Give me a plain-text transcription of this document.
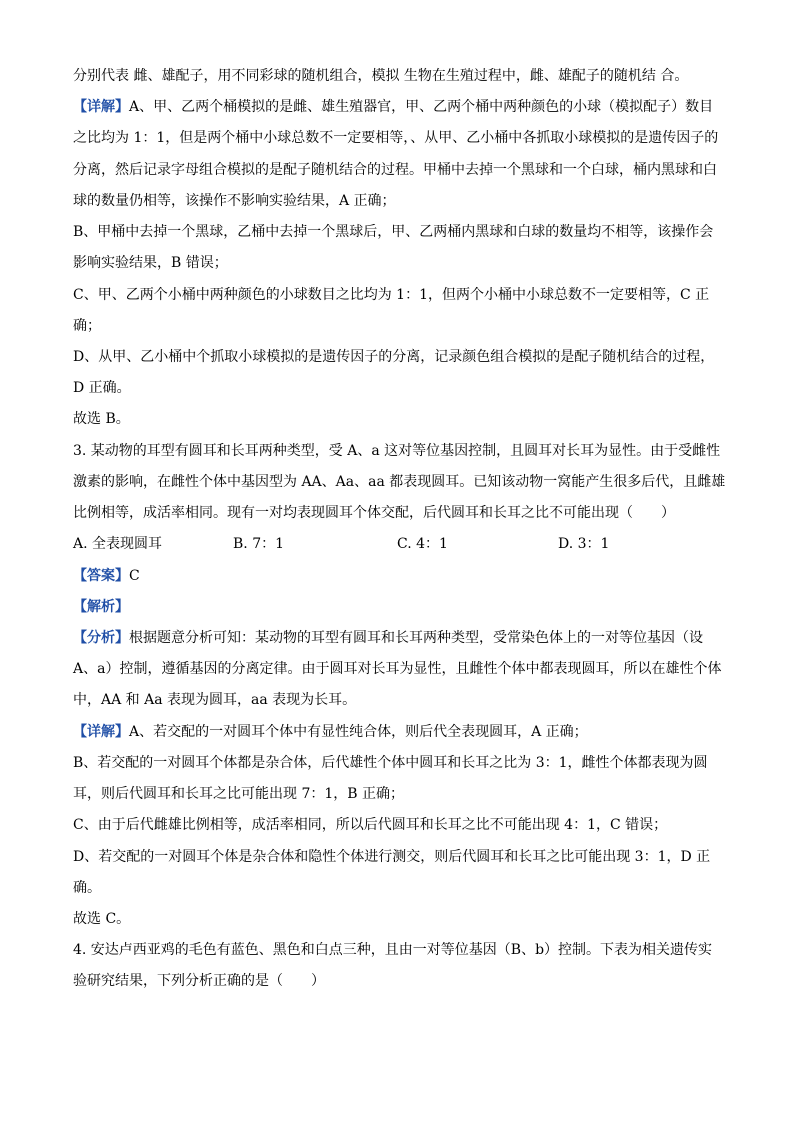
分别代表 雌、雄配子，用不同彩球的随机组合，模拟 生物在生殖过程中，雌、雄配子的随机结 合。
【详解】A、甲、乙两个桶模拟的是雌、雄生殖器官，甲、乙两个桶中两种颜色的小球（模拟配子）数目
之比均为 1：1，但是两个桶中小球总数不一定要相等，、从甲、乙小桶中各抓取小球模拟的是遗传因子的
分离，然后记录字母组合模拟的是配子随机结合的过程。甲桶中去掉一个黑球和一个白球，桶内黑球和白
球的数量仍相等，该操作不影响实验结果，A 正确；
B、甲桶中去掉一个黑球，乙桶中去掉一个黑球后，甲、乙两桶内黑球和白球的数量均不相等，该操作会
影响实验结果，B 错误；
C、甲、乙两个小桶中两种颜色的小球数目之比均为 1：1，但两个小桶中小球总数不一定要相等，C 正
确；
D、从甲、乙小桶中个抓取小球模拟的是遗传因子的分离，记录颜色组合模拟的是配子随机结合的过程，
D 正确。
故选 B。
3. 某动物的耳型有圆耳和长耳两种类型，受 A、a 这对等位基因控制，且圆耳对长耳为显性。由于受雌性
激素的影响，在雌性个体中基因型为 AA、Aa、aa 都表现圆耳。已知该动物一窝能产生很多后代，且雌雄
比例相等，成活率相同。现有一对均表现圆耳个体交配，后代圆耳和长耳之比不可能出现（　　）
A. 全表现圆耳	B. 7：1	C. 4：1	D. 3：1
【答案】C
【解析】
【分析】根据题意分析可知：某动物的耳型有圆耳和长耳两种类型，受常染色体上的一对等位基因（设
A、a）控制，遵循基因的分离定律。由于圆耳对长耳为显性，且雌性个体中都表现圆耳，所以在雄性个体
中，AA 和 Aa 表现为圆耳，aa 表现为长耳。
【详解】A、若交配的一对圆耳个体中有显性纯合体，则后代全表现圆耳，A 正确；
B、若交配的一对圆耳个体都是杂合体，后代雄性个体中圆耳和长耳之比为 3：1，雌性个体都表现为圆
耳，则后代圆耳和长耳之比可能出现 7：1，B 正确；
C、由于后代雌雄比例相等，成活率相同，所以后代圆耳和长耳之比不可能出现 4：1，C 错误；
D、若交配的一对圆耳个体是杂合体和隐性个体进行测交，则后代圆耳和长耳之比可能出现 3：1，D 正
确。
故选 C。
4. 安达卢西亚鸡的毛色有蓝色、黑色和白点三种，且由一对等位基因（B、b）控制。下表为相关遗传实
验研究结果，下列分析正确的是（　　）
